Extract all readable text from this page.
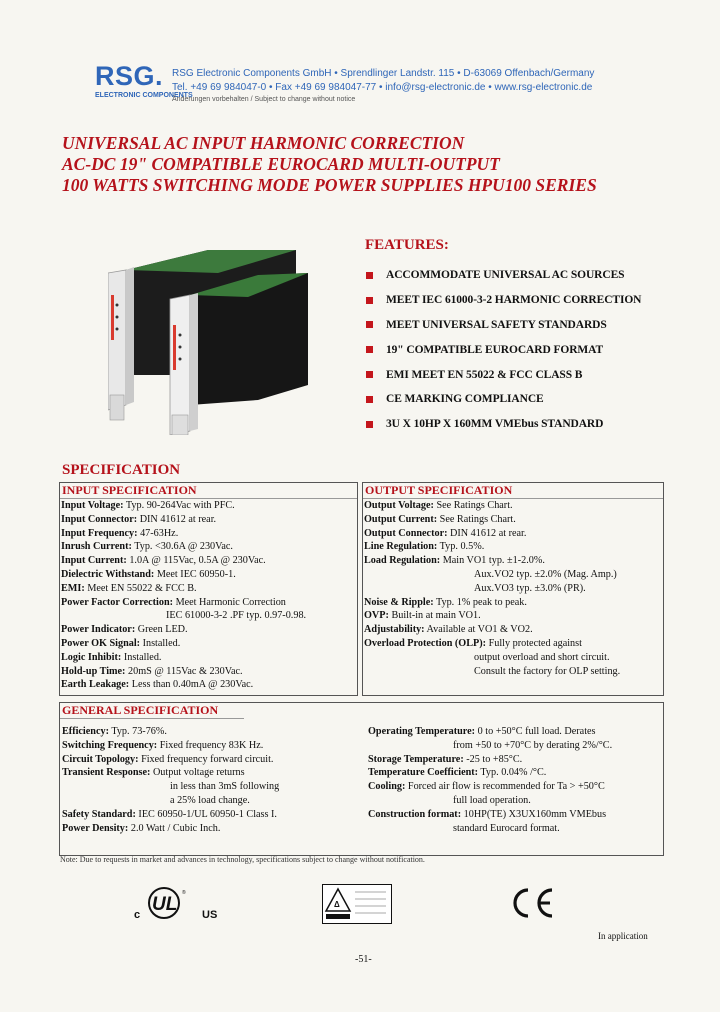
RSG.
ELECTRONIC COMPONENTS
RSG Electronic Components GmbH • Sprendlinger Landstr. 115 • D-63069 Offenbach/Germany
Tel. +49 69 984047-0 • Fax +49 69 984047-77 • info@rsg-electronic.de • www.rsg-electronic.de
Änderungen vorbehalten / Subject to change without notice
UNIVERSAL AC INPUT HARMONIC CORRECTION
AC-DC 19" COMPATIBLE EUROCARD MULTI-OUTPUT
100 WATTS SWITCHING MODE POWER SUPPLIES HPU100 SERIES
FEATURES:
ACCOMMODATE UNIVERSAL AC SOURCES
MEET IEC 61000-3-2 HARMONIC CORRECTION
MEET UNIVERSAL SAFETY STANDARDS
19" COMPATIBLE EUROCARD FORMAT
EMI MEET EN 55022 & FCC CLASS B
CE MARKING COMPLIANCE
3U X 10HP X 160MM VMEbus STANDARD
SPECIFICATION
INPUT SPECIFICATION
Input Voltage: Typ. 90-264Vac with PFC.
Input Connector: DIN 41612 at rear.
Input Frequency: 47-63Hz.
Inrush Current: Typ. <30.6A @ 230Vac.
Input Current: 1.0A @ 115Vac, 0.5A @ 230Vac.
Dielectric Withstand: Meet IEC 60950-1.
EMI: Meet EN 55022 & FCC B.
Power Factor Correction: Meet Harmonic Correction
IEC 61000-3-2 .PF typ. 0.97-0.98.
Power Indicator: Green LED.
Power OK Signal: Installed.
Logic Inhibit: Installed.
Hold-up Time: 20mS @ 115Vac & 230Vac.
Earth Leakage: Less than 0.40mA @ 230Vac.
OUTPUT SPECIFICATION
Output Voltage: See Ratings Chart.
Output Current: See Ratings Chart.
Output Connector: DIN 41612 at rear.
Line Regulation: Typ. 0.5%.
Load Regulation: Main VO1 typ. ±1-2.0%.
Aux.VO2 typ. ±2.0% (Mag. Amp.)
Aux.VO3 typ. ±3.0% (PR).
Noise & Ripple: Typ. 1% peak to peak.
OVP: Built-in at main VO1.
Adjustability: Available at VO1 & VO2.
Overload Protection (OLP): Fully protected against
output overload and short circuit.
Consult the factory for OLP setting.
GENERAL SPECIFICATION
Efficiency: Typ. 73-76%.
Switching Frequency: Fixed frequency 83K Hz.
Circuit Topology: Fixed frequency forward circuit.
Transient Response: Output voltage returns
in less than 3mS following
a 25% load change.
Safety Standard: IEC 60950-1/UL 60950-1 Class I.
Power Density: 2.0 Watt / Cubic Inch.
Operating Temperature: 0 to +50°C full load. Derates
from +50 to +70°C by derating 2%/°C.
Storage Temperature: -25 to +85°C.
Temperature Coefficient: Typ. 0.04% /°C.
Cooling: Forced air flow is recommended for Ta > +50°C
full load operation.
Construction format: 10HP(TE) X3UX160mm VMEbus
standard Eurocard format.
Note: Due to requests in market and advances in technology, specifications subject to change without notification.
c UL US
®
Δ
In application
-51-
